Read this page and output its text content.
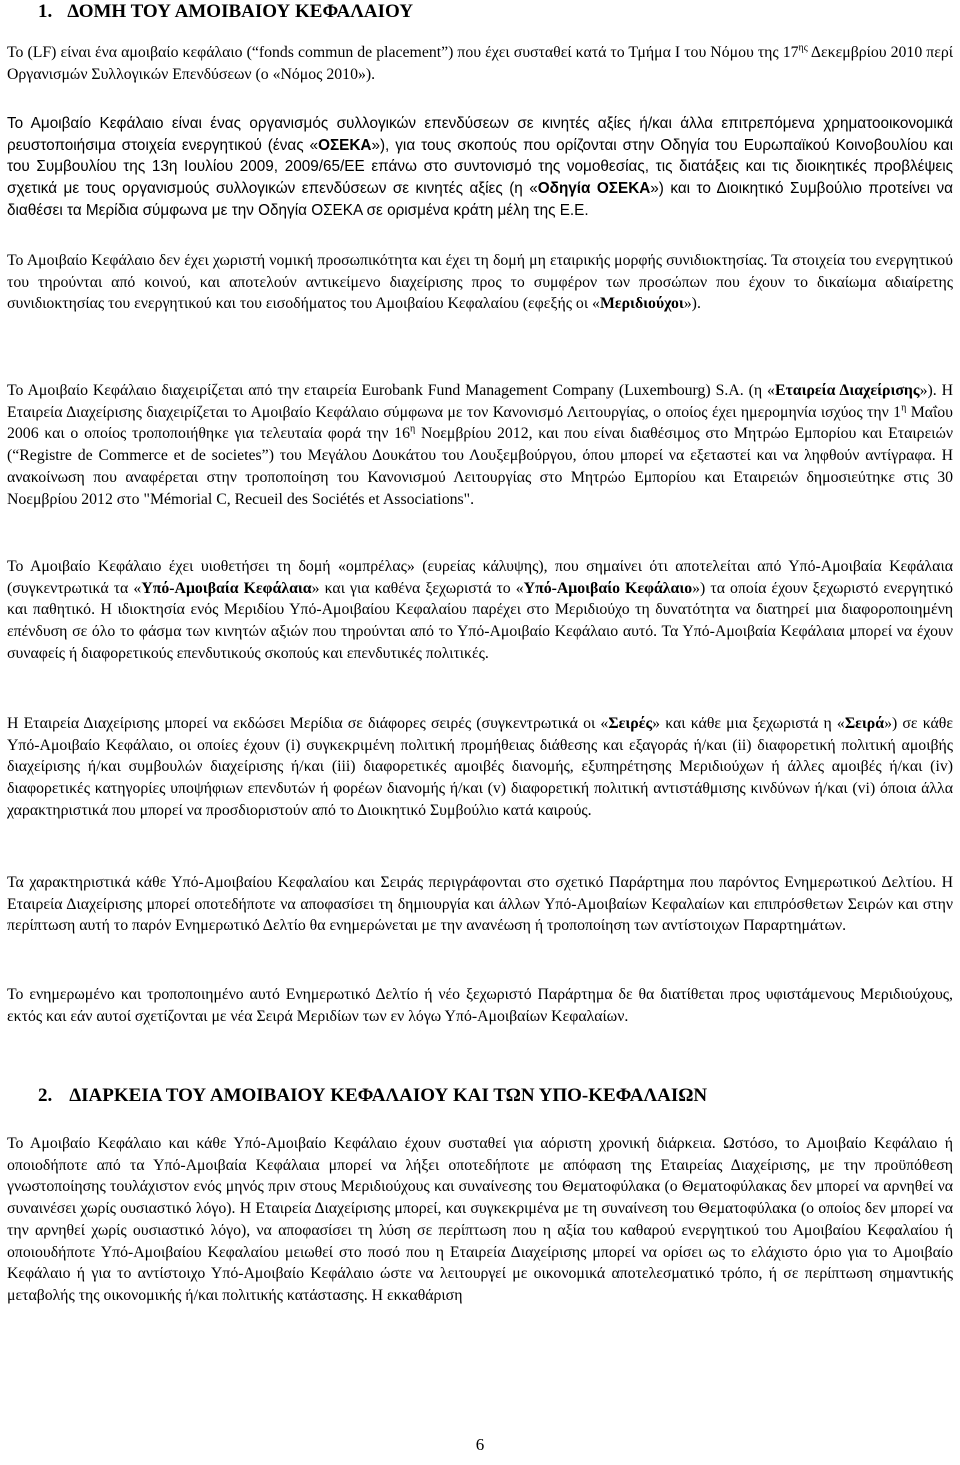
1. ΔΟΜΗ ΤΟΥ ΑΜΟΙΒΑΙΟΥ ΚΕΦΑΛΑΙΟΥ

Το (LF) είναι ένα αμοιβαίο κεφάλαιο (“fonds commun de placement”) που έχει συσταθεί κατά το Τμήμα Ι του Νόμου της $17^{\eta\varsigma}$ Δεκεμβρίου 2010 περί Οργανισμών Συλλογικών Επενδύσεων (ο «Νόμος 2010»).

Το Αμοιβαίο Κεφάλαιο είναι ένας οργανισμός συλλογικών επενδύσεων σε κινητές αξίες ή/και άλλα επιτρεπόμενα χρηματοοικονομικά ρευστοποιήσιμα στοιχεία ενεργητικού (ένας «ΟΣΕΚΑ»), για τους σκοπούς που ορίζονται στην Οδηγία του Ευρωπαϊκού Κοινοβουλίου και του Συμβουλίου της 13η Ιουλίου 2009, 2009/65/ΕΕ επάνω στο συντονισμό της νομοθεσίας, τις διατάξεις και τις διοικητικές προβλέψεις σχετικά με τους οργανισμούς συλλογικών επενδύσεων σε κινητές αξίες (η «Οδηγία ΟΣΕΚΑ») και το Διοικητικό Συμβούλιο προτείνει να διαθέσει τα Μερίδια σύμφωνα με την Οδηγία ΟΣΕΚΑ σε ορισμένα κράτη μέλη της Ε.Ε.

Το Αμοιβαίο Κεφάλαιο δεν έχει χωριστή νομική προσωπικότητα και έχει τη δομή μη εταιρικής μορφής συνιδιοκτησίας. Τα στοιχεία του ενεργητικού του τηρούνται από κοινού, και αποτελούν αντικείμενο διαχείρισης προς το συμφέρον των προσώπων που έχουν το δικαίωμα αδιαίρετης συνιδιοκτησίας του ενεργητικού και του εισοδήματος του Αμοιβαίου Κεφαλαίου (εφεξής οι «Μεριδιούχοι»).

Το Αμοιβαίο Κεφάλαιο διαχειρίζεται από την εταιρεία Eurobank Fund Management Company (Luxembourg) S.A. (η «Εταιρεία Διαχείρισης»). Η Εταιρεία Διαχείρισης διαχειρίζεται το Αμοιβαίο Κεφάλαιο σύμφωνα με τον Κανονισμό Λειτουργίας, ο οποίος έχει ημερομηνία ισχύος την $1^\eta$ Μαΐου 2006 και ο οποίος τροποποιήθηκε για τελευταία φορά την $16^\eta$ Νοεμβρίου 2012, και που είναι διαθέσιμος στο Μητρώο Εμπορίου και Εταιρειών (“Registre de Commerce et de societes”) του Μεγάλου Δουκάτου του Λουξεμβούργου, όπου μπορεί να εξεταστεί και να ληφθούν αντίγραφα. Η ανακοίνωση που αναφέρεται στην τροποποίηση του Κανονισμού Λειτουργίας στο Μητρώο Εμπορίου και Εταιρειών δημοσιεύτηκε στις 30 Νοεμβρίου 2012 στο "Mémorial C, Recueil des Sociétés et Associations".

Το Αμοιβαίο Κεφάλαιο έχει υιοθετήσει τη δομή «ομπρέλας» (ευρείας κάλυψης), που σημαίνει ότι αποτελείται από Υπό-Αμοιβαία Κεφάλαια (συγκεντρωτικά τα «Υπό-Αμοιβαία Κεφάλαια» και για καθένα ξεχωριστά το «Υπό-Αμοιβαίο Κεφάλαιο») τα οποία έχουν ξεχωριστό ενεργητικό και παθητικό. Η ιδιοκτησία ενός Μεριδίου Υπό-Αμοιβαίου Κεφαλαίου παρέχει στο Μεριδιούχο τη δυνατότητα να διατηρεί μια διαφοροποιημένη επένδυση σε όλο το φάσμα των κινητών αξιών που τηρούνται από το Υπό-Αμοιβαίο Κεφάλαιο αυτό. Τα Υπό-Αμοιβαία Κεφάλαια μπορεί να έχουν συναφείς ή διαφορετικούς επενδυτικούς σκοπούς και επενδυτικές πολιτικές.

Η Εταιρεία Διαχείρισης μπορεί να εκδώσει Μερίδια σε διάφορες σειρές (συγκεντρωτικά οι «Σειρές» και κάθε μια ξεχωριστά η «Σειρά») σε κάθε Υπό-Αμοιβαίο Κεφάλαιο, οι οποίες έχουν (i) συγκεκριμένη πολιτική προμήθειας διάθεσης και εξαγοράς ή/και (ii) διαφορετική πολιτική αμοιβής διαχείρισης ή/και συμβουλών διαχείρισης ή/και (iii) διαφορετικές αμοιβές διανομής, εξυπηρέτησης Μεριδιούχων ή άλλες αμοιβές ή/και (iv) διαφορετικές κατηγορίες υποψήφιων επενδυτών ή φορέων διανομής ή/και (v) διαφορετική πολιτική αντιστάθμισης κινδύνων ή/και (vi) όποια άλλα χαρακτηριστικά που μπορεί να προσδιοριστούν από το Διοικητικό Συμβούλιο κατά καιρούς.

Τα χαρακτηριστικά κάθε Υπό-Αμοιβαίου Κεφαλαίου και Σειράς περιγράφονται στο σχετικό Παράρτημα που παρόντος Ενημερωτικού Δελτίου. Η Εταιρεία Διαχείρισης μπορεί οποτεδήποτε να αποφασίσει τη δημιουργία και άλλων Υπό-Αμοιβαίων Κεφαλαίων και επιπρόσθετων Σειρών και στην περίπτωση αυτή το παρόν Ενημερωτικό Δελτίο θα ενημερώνεται με την ανανέωση ή τροποποίηση των αντίστοιχων Παραρτημάτων.

Το ενημερωμένο και τροποποιημένο αυτό Ενημερωτικό Δελτίο ή νέο ξεχωριστό Παράρτημα δε θα διατίθεται προς υφιστάμενους Μεριδιούχους, εκτός και εάν αυτοί σχετίζονται με νέα Σειρά Μεριδίων των εν λόγω Υπό-Αμοιβαίων Κεφαλαίων.

2. ΔΙΑΡΚΕΙΑ ΤΟΥ ΑΜΟΙΒΑΙΟΥ ΚΕΦΑΛΑΙΟΥ ΚΑΙ ΤΩΝ ΥΠΟ-ΚΕΦΑΛΑΙΩΝ

Το Αμοιβαίο Κεφάλαιο και κάθε Υπό-Αμοιβαίο Κεφάλαιο έχουν συσταθεί για αόριστη χρονική διάρκεια. Ωστόσο, το Αμοιβαίο Κεφάλαιο ή οποιοδήποτε από τα Υπό-Αμοιβαία Κεφάλαια μπορεί να λήξει οποτεδήποτε με απόφαση της Εταιρείας Διαχείρισης, με την προϋπόθεση γνωστοποίησης τουλάχιστον ενός μηνός πριν στους Μεριδιούχους και συναίνεσης του Θεματοφύλακα (ο Θεματοφύλακας δεν μπορεί να αρνηθεί να συναινέσει χωρίς ουσιαστικό λόγο). Η Εταιρεία Διαχείρισης μπορεί, και συγκεκριμένα με τη συναίνεση του Θεματοφύλακα (ο οποίος δεν μπορεί να την αρνηθεί χωρίς ουσιαστικό λόγο), να αποφασίσει τη λύση σε περίπτωση που η αξία του καθαρού ενεργητικού του Αμοιβαίου Κεφαλαίου ή οποιουδήποτε Υπό-Αμοιβαίου Κεφαλαίου μειωθεί στο ποσό που η Εταιρεία Διαχείρισης μπορεί να ορίσει ως το ελάχιστο όριο για το Αμοιβαίο Κεφάλαιο ή για το αντίστοιχο Υπό-Αμοιβαίο Κεφάλαιο ώστε να λειτουργεί με οικονομικά αποτελεσματικό τρόπο, ή σε περίπτωση σημαντικής μεταβολής της οικονομικής ή/και πολιτικής κατάστασης. Η εκκαθάριση

6
